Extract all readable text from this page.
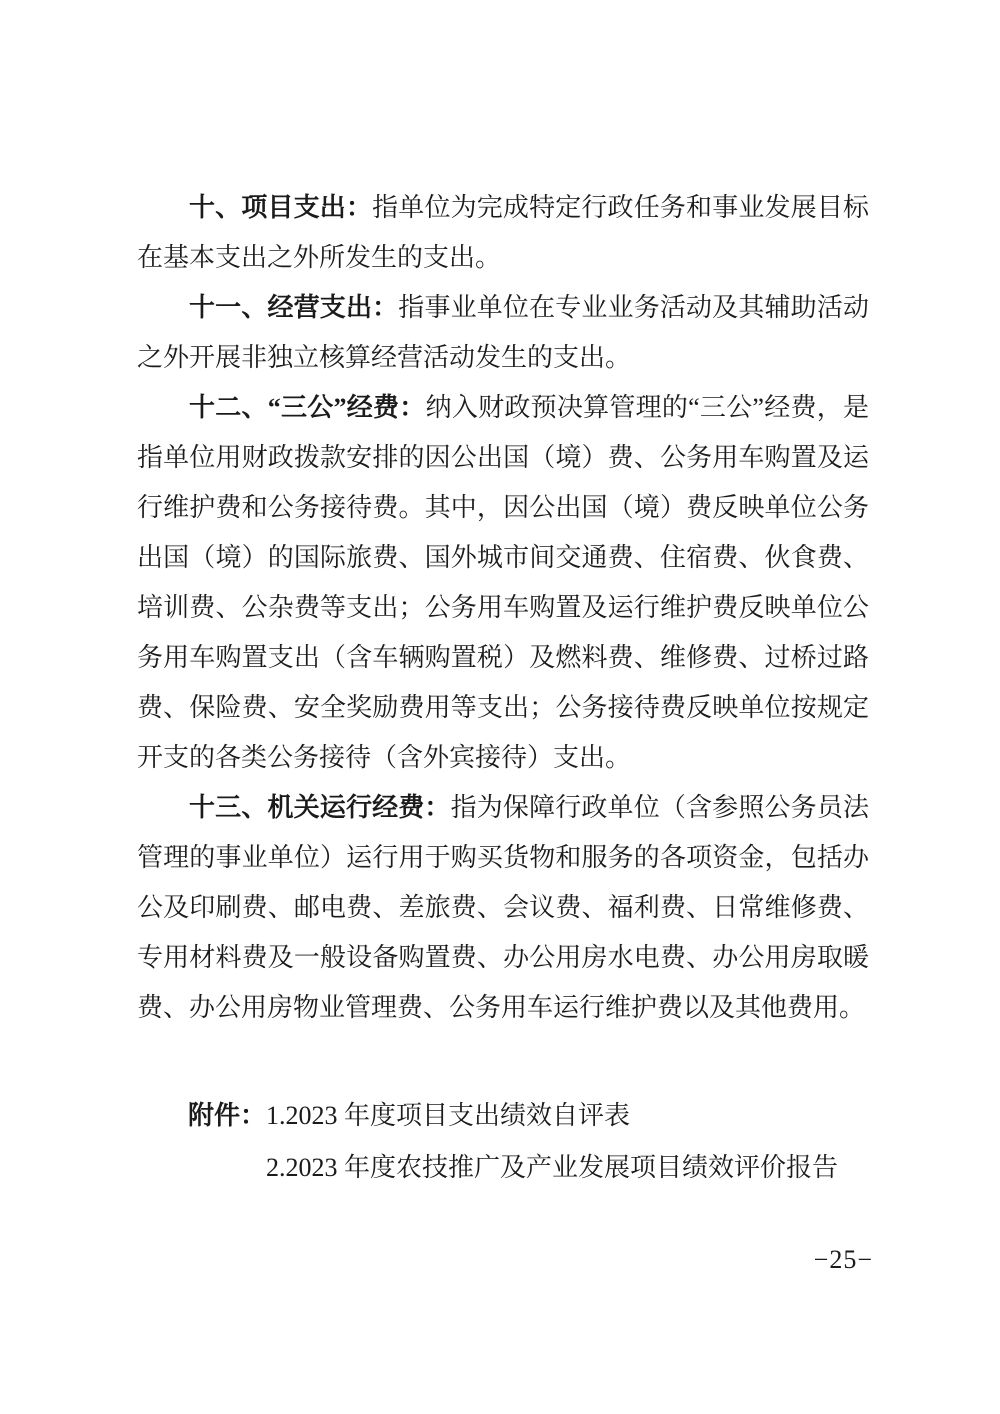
十、项目支出：指单位为完成特定行政任务和事业发展目标在基本支出之外所发生的支出。

十一、经营支出：指事业单位在专业业务活动及其辅助活动之外开展非独立核算经营活动发生的支出。

十二、“三公”经费：纳入财政预决算管理的“三公”经费，是指单位用财政拨款安排的因公出国（境）费、公务用车购置及运行维护费和公务接待费。其中，因公出国（境）费反映单位公务出国（境）的国际旅费、国外城市间交通费、住宿费、伙食费、培训费、公杂费等支出；公务用车购置及运行维护费反映单位公务用车购置支出（含车辆购置税）及燃料费、维修费、过桥过路费、保险费、安全奖励费用等支出；公务接待费反映单位按规定开支的各类公务接待（含外宾接待）支出。

十三、机关运行经费：指为保障行政单位（含参照公务员法管理的事业单位）运行用于购买货物和服务的各项资金，包括办公及印刷费、邮电费、差旅费、会议费、福利费、日常维修费、专用材料费及一般设备购置费、办公用房水电费、办公用房取暖费、办公用房物业管理费、公务用车运行维护费以及其他费用。

附件： 1.2023 年度项目支出绩效自评表
2.2023 年度农技推广及产业发展项目绩效评价报告
−25−
